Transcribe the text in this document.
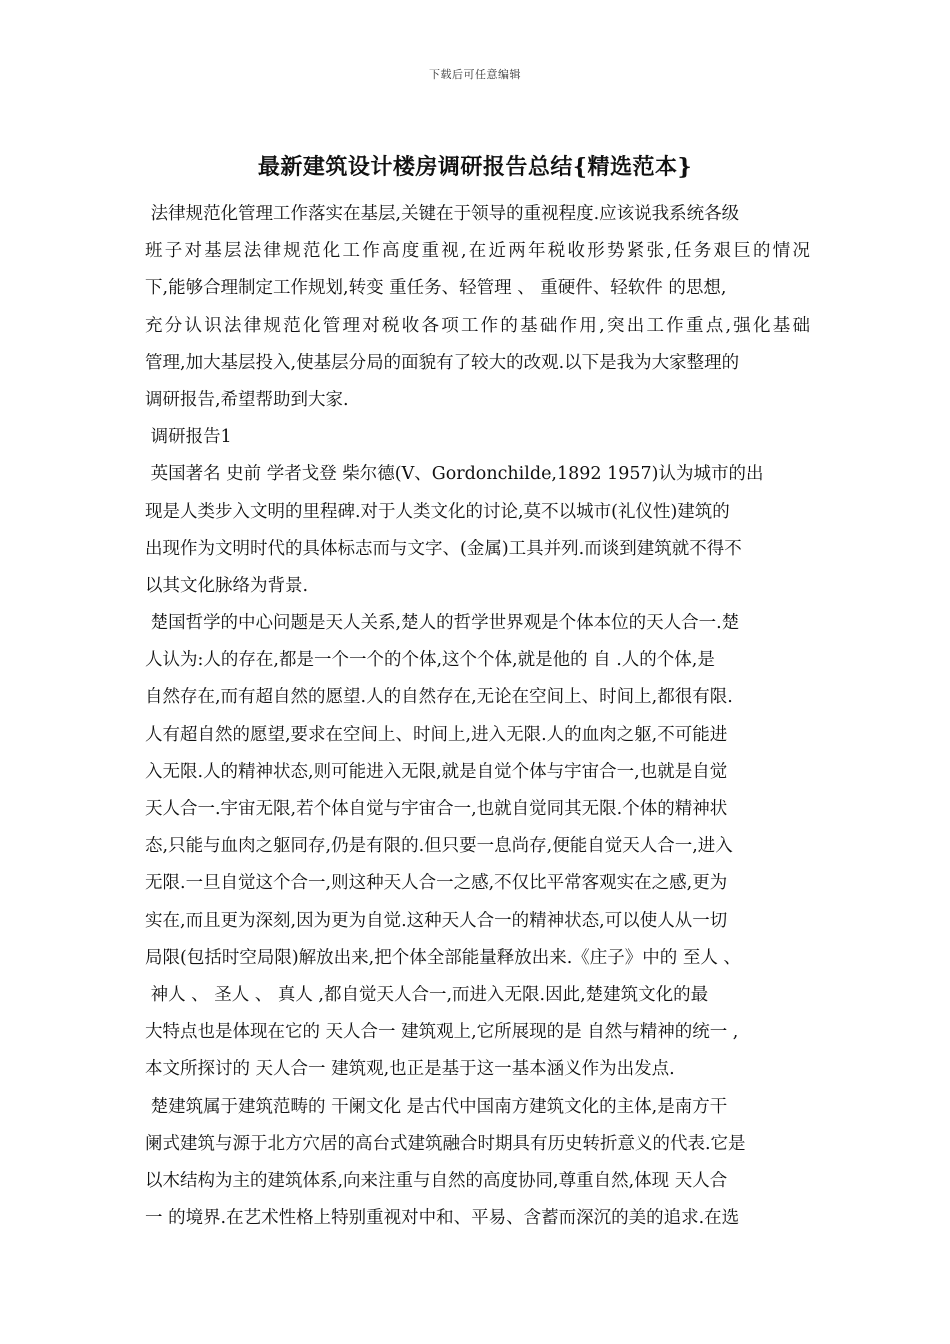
下载后可任意编辑
最新建筑设计楼房调研报告总结{精选范本}
法律规范化管理工作落实在基层,关键在于领导的重视程度.应该说我系统各级
班子对基层法律规范化工作高度重视,在近两年税收形势紧张,任务艰巨的情况
下,能够合理制定工作规划,转变 重任务、轻管理 、 重硬件、轻软件 的思想,
充分认识法律规范化管理对税收各项工作的基础作用,突出工作重点,强化基础
管理,加大基层投入,使基层分局的面貌有了较大的改观.以下是我为大家整理的
调研报告,希望帮助到大家.
调研报告1
英国著名 史前 学者戈登 柴尔德(V、Gordonchilde,1892 1957)认为城市的出
现是人类步入文明的里程碑.对于人类文化的讨论,莫不以城市(礼仪性)建筑的
出现作为文明时代的具体标志而与文字、(金属)工具并列.而谈到建筑就不得不
以其文化脉络为背景.
楚国哲学的中心问题是天人关系,楚人的哲学世界观是个体本位的天人合一.楚
人认为:人的存在,都是一个一个的个体,这个个体,就是他的 自 .人的个体,是
自然存在,而有超自然的愿望.人的自然存在,无论在空间上、时间上,都很有限.
人有超自然的愿望,要求在空间上、时间上,进入无限.人的血肉之躯,不可能进
入无限.人的精神状态,则可能进入无限,就是自觉个体与宇宙合一,也就是自觉
天人合一.宇宙无限,若个体自觉与宇宙合一,也就自觉同其无限.个体的精神状
态,只能与血肉之躯同存,仍是有限的.但只要一息尚存,便能自觉天人合一,进入
无限.一旦自觉这个合一,则这种天人合一之感,不仅比平常客观实在之感,更为
实在,而且更为深刻,因为更为自觉.这种天人合一的精神状态,可以使人从一切
局限(包括时空局限)解放出来,把个体全部能量释放出来.《庄子》中的 至人 、
神人 、 圣人 、 真人 ,都自觉天人合一,而进入无限.因此,楚建筑文化的最
大特点也是体现在它的 天人合一 建筑观上,它所展现的是 自然与精神的统一 ,
本文所探讨的 天人合一 建筑观,也正是基于这一基本涵义作为出发点.
楚建筑属于建筑范畴的 干阑文化 是古代中国南方建筑文化的主体,是南方干
阑式建筑与源于北方穴居的高台式建筑融合时期具有历史转折意义的代表.它是
以木结构为主的建筑体系,向来注重与自然的高度协同,尊重自然,体现 天人合
一 的境界.在艺术性格上特别重视对中和、平易、含蓄而深沉的美的追求.在选
